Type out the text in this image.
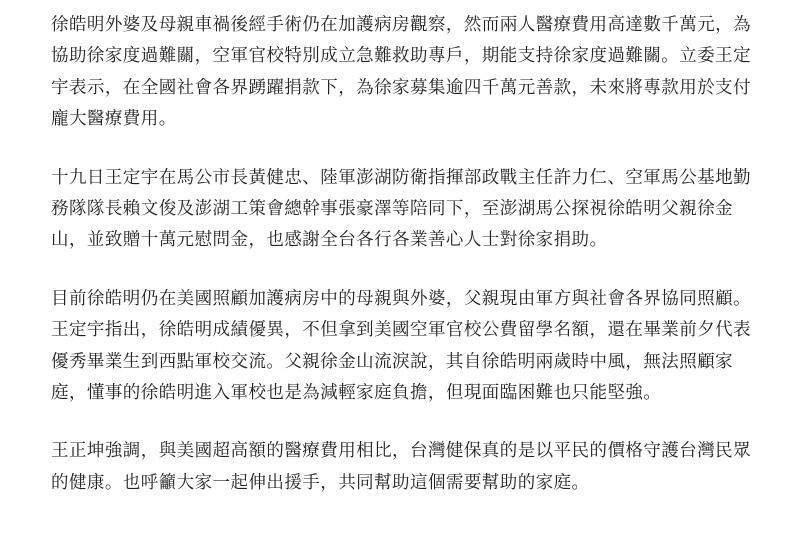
徐皓明外婆及母親車禍後經手術仍在加護病房觀察，然而兩人醫療費用高達數千萬元，為
協助徐家度過難關，空軍官校特別成立急難救助專戶，期能支持徐家度過難關。立委王定
宇表示，在全國社會各界踴躍捐款下，為徐家募集逾四千萬元善款，未來將專款用於支付
龐大醫療費用。

十九日王定宇在馬公市長黃健忠、陸軍澎湖防衛指揮部政戰主任許力仁、空軍馬公基地勤
務隊隊長賴文俊及澎湖工策會總幹事張豪澤等陪同下，至澎湖馬公探視徐皓明父親徐金
山，並致贈十萬元慰問金，也感謝全台各行各業善心人士對徐家捐助。

目前徐皓明仍在美國照顧加護病房中的母親與外婆，父親現由軍方與社會各界協同照顧。
王定宇指出，徐皓明成績優異，不但拿到美國空軍官校公費留學名額，還在畢業前夕代表
優秀畢業生到西點軍校交流。父親徐金山流淚說，其自徐皓明兩歲時中風，無法照顧家
庭，懂事的徐皓明進入軍校也是為減輕家庭負擔，但現面臨困難也只能堅強。

王正坤強調，與美國超高額的醫療費用相比，台灣健保真的是以平民的價格守護台灣民眾
的健康。也呼籲大家一起伸出援手，共同幫助這個需要幫助的家庭。
